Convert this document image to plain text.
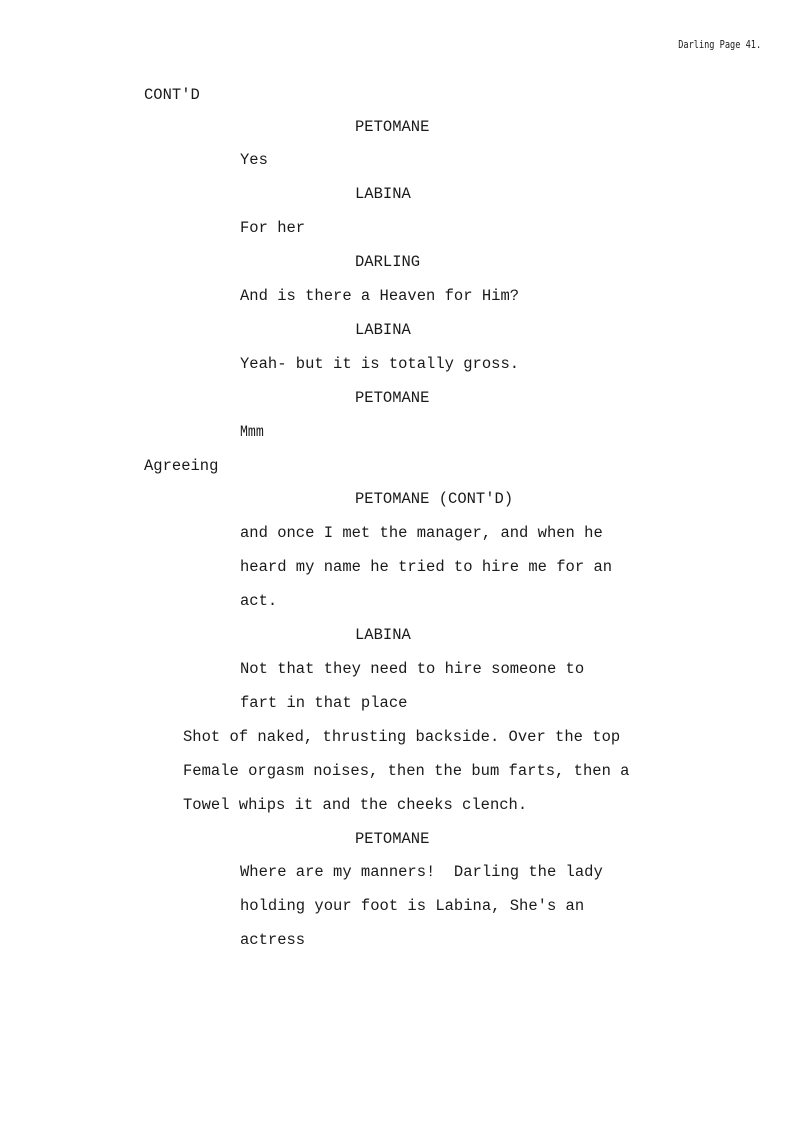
Darling Page 41.
CONT'D
PETOMANE
Yes
LABINA
For her
DARLING
And is there a Heaven for Him?
LABINA
Yeah- but it is totally gross.
PETOMANE
Mmm
Agreeing
PETOMANE (CONT'D)
and once I met the manager, and when he
heard my name he tried to hire me for an
act.
LABINA
Not that they need to hire someone to
fart in that place
Shot of naked, thrusting backside. Over the top
Female orgasm noises, then the bum farts, then a
Towel whips it and the cheeks clench.
PETOMANE
Where are my manners!  Darling the lady
holding your foot is Labina, She's an
actress
